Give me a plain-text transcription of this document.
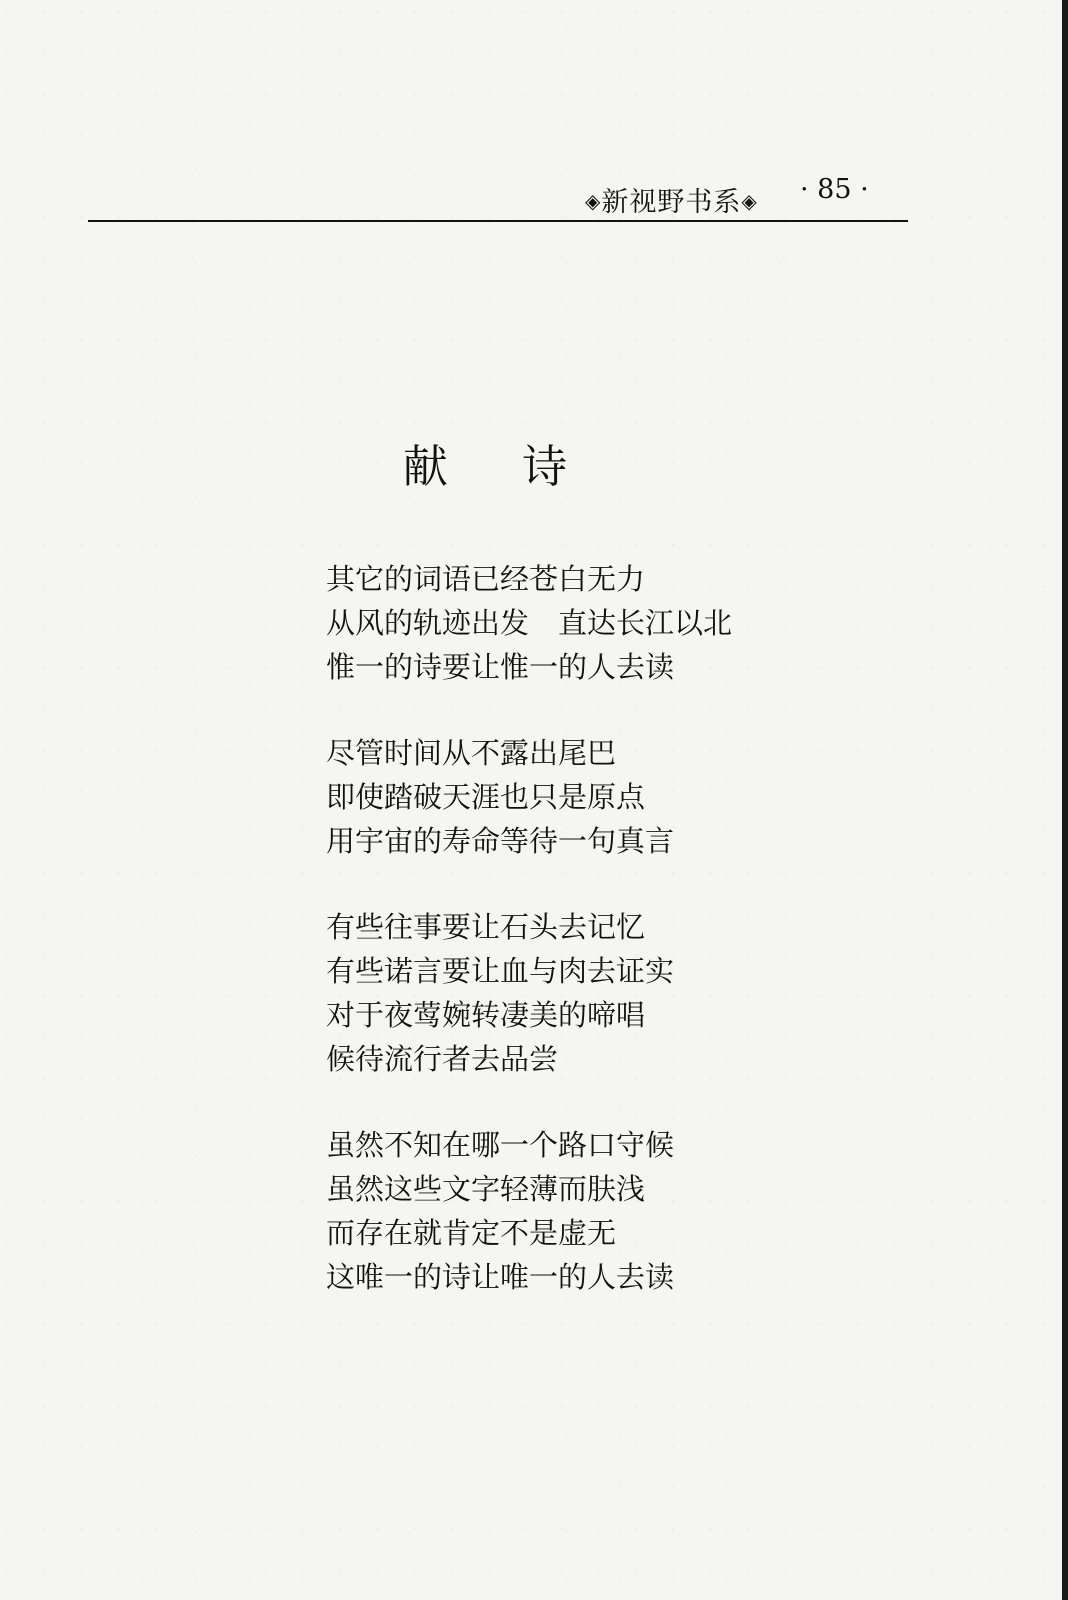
◈新视野书系◈ · 85 ·
献 诗
其它的词语已经苍白无力
从风的轨迹出发　直达长江以北
惟一的诗要让惟一的人去读
尽管时间从不露出尾巴
即使踏破天涯也只是原点
用宇宙的寿命等待一句真言
有些往事要让石头去记忆
有些诺言要让血与肉去证实
对于夜莺婉转凄美的啼唱
候待流行者去品尝
虽然不知在哪一个路口守候
虽然这些文字轻薄而肤浅
而存在就肯定不是虚无
这唯一的诗让唯一的人去读
